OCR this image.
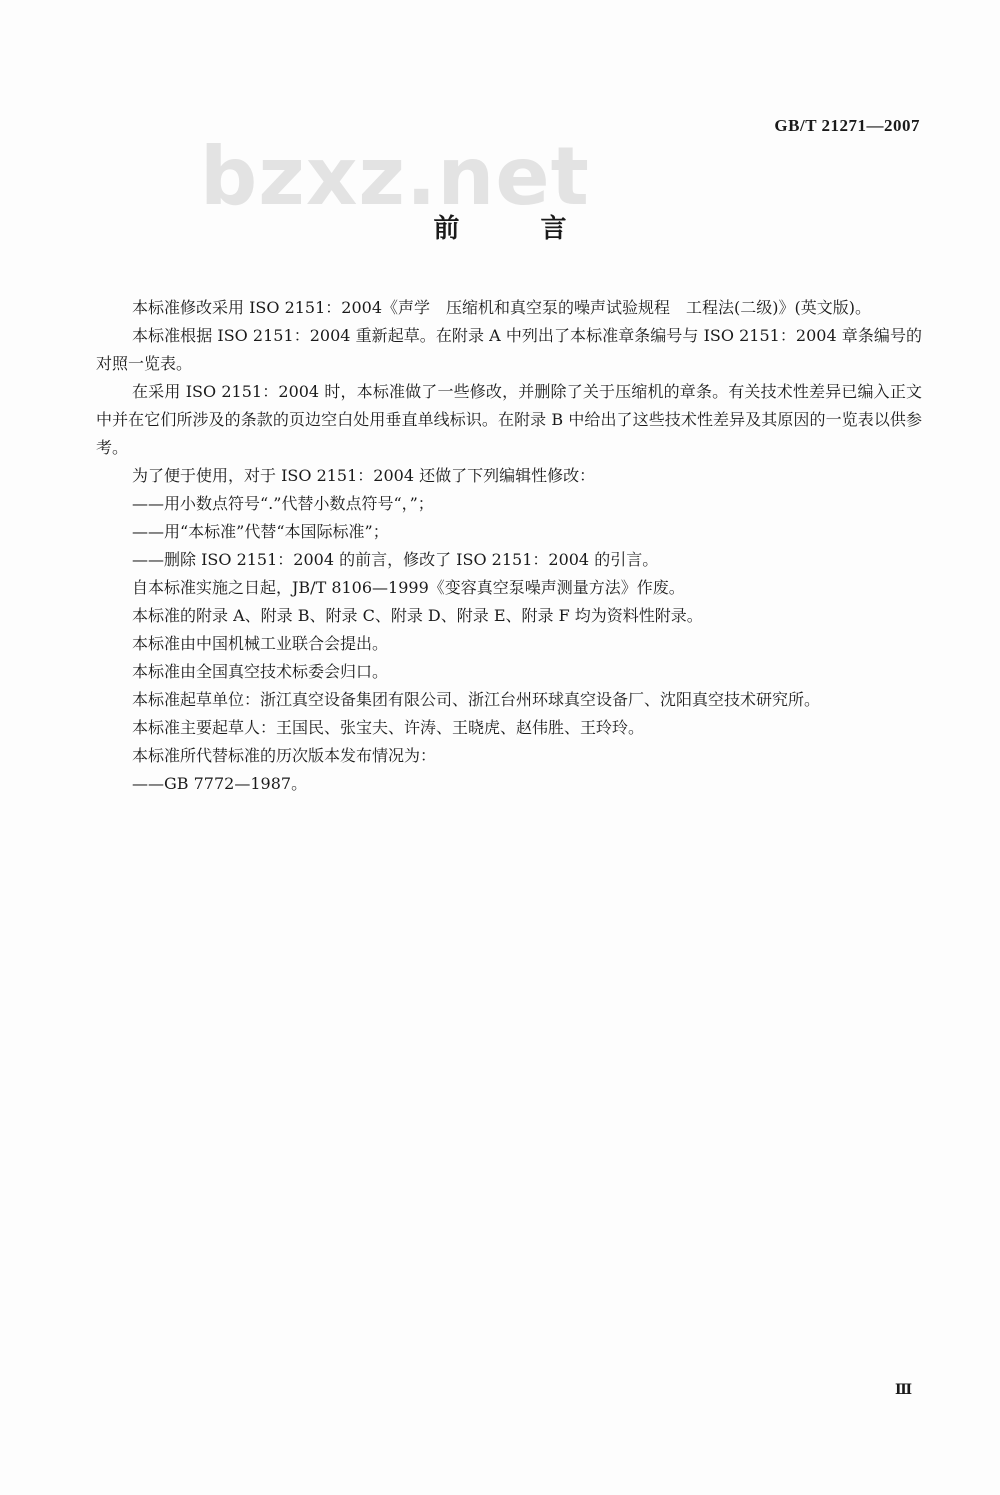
GB/T 21271—2007
bzxz.net
前 言

本标准修改采用 ISO 2151：2004《声学　压缩机和真空泵的噪声试验规程　工程法(二级)》(英文版)。

本标准根据 ISO 2151：2004 重新起草。在附录 A 中列出了本标准章条编号与 ISO 2151：2004 章条编号的对照一览表。

在采用 ISO 2151：2004 时，本标准做了一些修改，并删除了关于压缩机的章条。有关技术性差异已编入正文中并在它们所涉及的条款的页边空白处用垂直单线标识。在附录 B 中给出了这些技术性差异及其原因的一览表以供参考。

为了便于使用，对于 ISO 2151：2004 还做了下列编辑性修改：

——用小数点符号“.”代替小数点符号“，”；

——用“本标准”代替“本国际标准”；

——删除 ISO 2151：2004 的前言，修改了 ISO 2151：2004 的引言。

自本标准实施之日起，JB/T 8106—1999《变容真空泵噪声测量方法》作废。

本标准的附录 A、附录 B、附录 C、附录 D、附录 E、附录 F 均为资料性附录。

本标准由中国机械工业联合会提出。

本标准由全国真空技术标委会归口。

本标准起草单位：浙江真空设备集团有限公司、浙江台州环球真空设备厂、沈阳真空技术研究所。

本标准主要起草人：王国民、张宝夫、许涛、王晓虎、赵伟胜、王玲玲。

本标准所代替标准的历次版本发布情况为：

——GB 7772—1987。

Ⅲ
